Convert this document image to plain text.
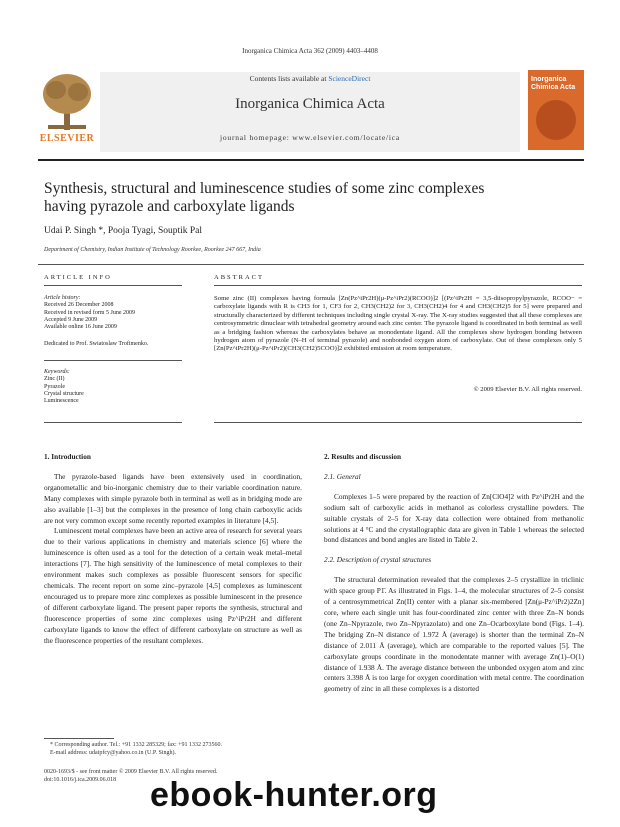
Inorganica Chimica Acta 362 (2009) 4403–4408
Contents lists available at ScienceDirect
Inorganica Chimica Acta
journal homepage: www.elsevier.com/locate/ica
ELSEVIER
Inorganica Chimica Acta
Synthesis, structural and luminescence studies of some zinc complexes
having pyrazole and carboxylate ligands
Udai P. Singh *, Pooja Tyagi, Souptik Pal
Department of Chemistry, Indian Institute of Technology Roorkee, Roorkee 247 667, India
ARTICLE INFO
Article history:
Received 26 December 2008
Received in revised form 5 June 2009
Accepted 9 June 2009
Available online 16 June 2009
Dedicated to Prof. Swiatoslaw Trofimenko.
Keywords:
Zinc (II)
Pyrazole
Crystal structure
Luminescence
ABSTRACT
Some zinc (II) complexes having formula [Zn(Pz^iPr2H)(μ-Pz^iPr2)(RCOO)]2 [(Pz^iPr2H = 3,5-diisopropylpyrazole, RCOO− = carboxylate ligands with R is CH3 for 1, CF3 for 2, CH3(CH2)2 for 3, CH3(CH2)4 for 4 and CH3(CH2)5 for 5] were prepared and structurally characterized by different techniques including single crystal X-ray. The X-ray studies suggested that all these complexes are centrosymmetric dinuclear with tetrahedral geometry around each zinc center. The pyrazole ligand is coordinated in both terminal as well as a bridging fashion whereas the carboxylates behave as monodentate ligand. All the complexes show hydrogen bonding between hydrogen atom of pyrazole (N–H of terminal pyrazole) and nonbonded oxygen atom of carboxylate. Out of these complexes only 5 [Zn(Pz^iPr2H)(μ-Pz^iPr2)(CH3(CH2)5COO)]2 exhibited emission at room temperature.
© 2009 Elsevier B.V. All rights reserved.
1. Introduction

The pyrazole-based ligands have been extensively used in coordination, organometallic and bio-inorganic chemistry due to their variable coordination nature. Many complexes with simple pyrazole both in terminal as well as in bridging mode are also available [1–3] but the complexes in the presence of long chain carboxylic acids are not very common except some recently reported examples in literature [4,5].

Luminescent metal complexes have been an active area of research for several years due to their various applications in chemistry and materials science [6] where the luminescence is often used as a tool for the detection of a certain weak metal–metal interactions [7]. The high sensitivity of the luminescence of metal complexes to their environment makes such complexes as possible fluorescent sensors for specific chemicals. The recent report on some zinc–pyrazole [4,5] complexes as luminescent encouraged us to prepare more zinc complexes as possible luminescent in the presence of different carboxylate ligand. The present paper reports the synthesis, structural and fluorescence properties of some zinc complexes using Pz^iPr2H and different carboxylate ligands to know the effect of different carboxylate on structure as well as the fluorescence properties of the resultant complexes.

2. Results and discussion
2.1. General

Complexes 1–5 were prepared by the reaction of Zn[ClO4]2 with Pz^iPr2H and the sodium salt of carboxylic acids in methanol as colorless crystalline powders. The suitable crystals of 2–5 for X-ray data collection were obtained from methanolic solutions at 4 °C and the crystallographic data are given in Table 1 whereas the selected bond distances and bond angles are listed in Table 2.

2.2. Description of crystal structures

The structural determination revealed that the complexes 2–5 crystallize in triclinic with space group P1̄. As illustrated in Figs. 1–4, the molecular structures of 2–5 consist of a centrosymmetrical Zn(II) center with a planar six-membered [Zn(μ-Pz^iPr2)2Zn] core, where each single unit has four-coordinated zinc center with three Zn–N bonds (one Zn–Npyrazole, two Zn–Npyrazolato) and one Zn–Ocarboxylate bond (Figs. 1–4). The bridging Zn–N distance of 1.972 Å (average) is shorter than the terminal Zn–N distance of 2.011 Å (average), which are comparable to the reported values [5]. The carboxylate groups coordinate in the monodentate manner with average Zn(1)–O(1) distance of 1.938 Å. The average distance between the unbonded oxygen atom and zinc centers 3.398 Å is too large for oxygen coordination with metal centre. The coordination geometry of zinc in all these complexes is a distorted

* Corresponding author. Tel.: +91 1332 285329; fax: +91 1332 273560.
E-mail address: udaipfcy@yahoo.co.in (U.P. Singh).
0020-1693/$ - see front matter © 2009 Elsevier B.V. All rights reserved.
doi:10.1016/j.ica.2009.06.018 ebook-hunter.org
